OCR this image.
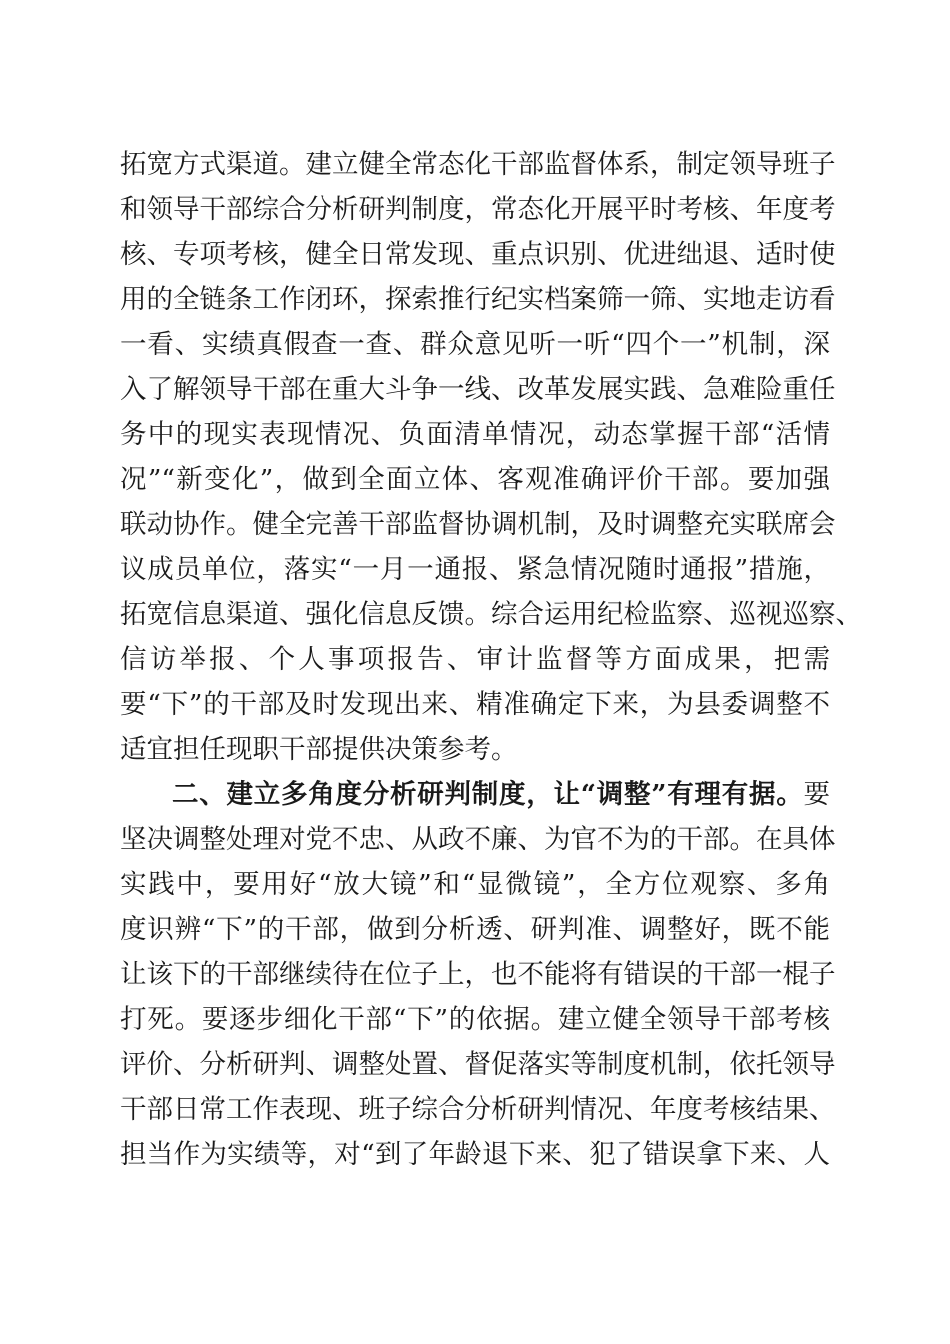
拓宽方式渠道。建立健全常态化干部监督体系，制定领导班子
和领导干部综合分析研判制度，常态化开展平时考核、年度考
核、专项考核，健全日常发现、重点识别、优进绌退、适时使
用的全链条工作闭环，探索推行纪实档案筛一筛、实地走访看
一看、实绩真假查一查、群众意见听一听“四个一”机制，深
入了解领导干部在重大斗争一线、改革发展实践、急难险重任
务中的现实表现情况、负面清单情况，动态掌握干部“活情
况”“新变化”，做到全面立体、客观准确评价干部。要加强
联动协作。健全完善干部监督协调机制，及时调整充实联席会
议成员单位，落实“一月一通报、紧急情况随时通报”措施，
拓宽信息渠道、强化信息反馈。综合运用纪检监察、巡视巡察、
信访举报、个人事项报告、审计监督等方面成果，把需
要“下”的干部及时发现出来、精准确定下来，为县委调整不
适宜担任现职干部提供决策参考。
二、建立多角度分析研判制度，让“调整”有理有据。要
坚决调整处理对党不忠、从政不廉、为官不为的干部。在具体
实践中，要用好“放大镜”和“显微镜”，全方位观察、多角
度识辨“下”的干部，做到分析透、研判准、调整好，既不能
让该下的干部继续待在位子上，也不能将有错误的干部一棍子
打死。要逐步细化干部“下”的依据。建立健全领导干部考核
评价、分析研判、调整处置、督促落实等制度机制，依托领导
干部日常工作表现、班子综合分析研判情况、年度考核结果、
担当作为实绩等，对“到了年龄退下来、犯了错误拿下来、人
